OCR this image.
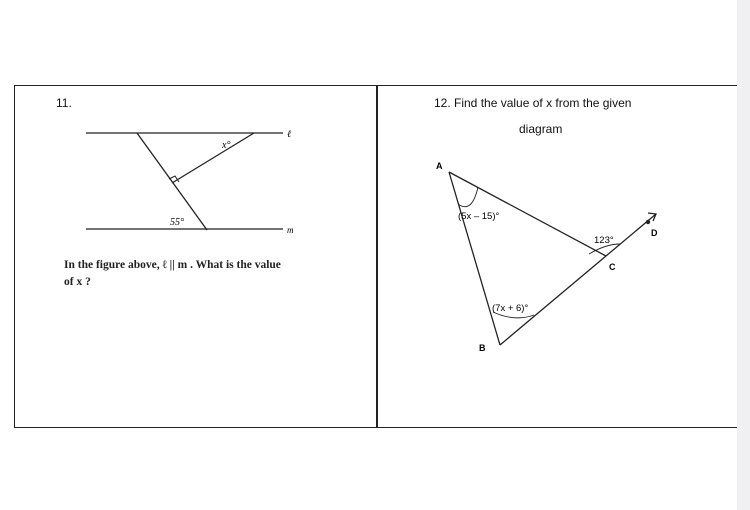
11.
x°
55°
ℓ
m
In the figure above, ℓ || m . What is the value
of x ?
12. Find the value of x from the given
diagram
A
B
C
D
(5x – 15)°
(7x + 6)°
123°
